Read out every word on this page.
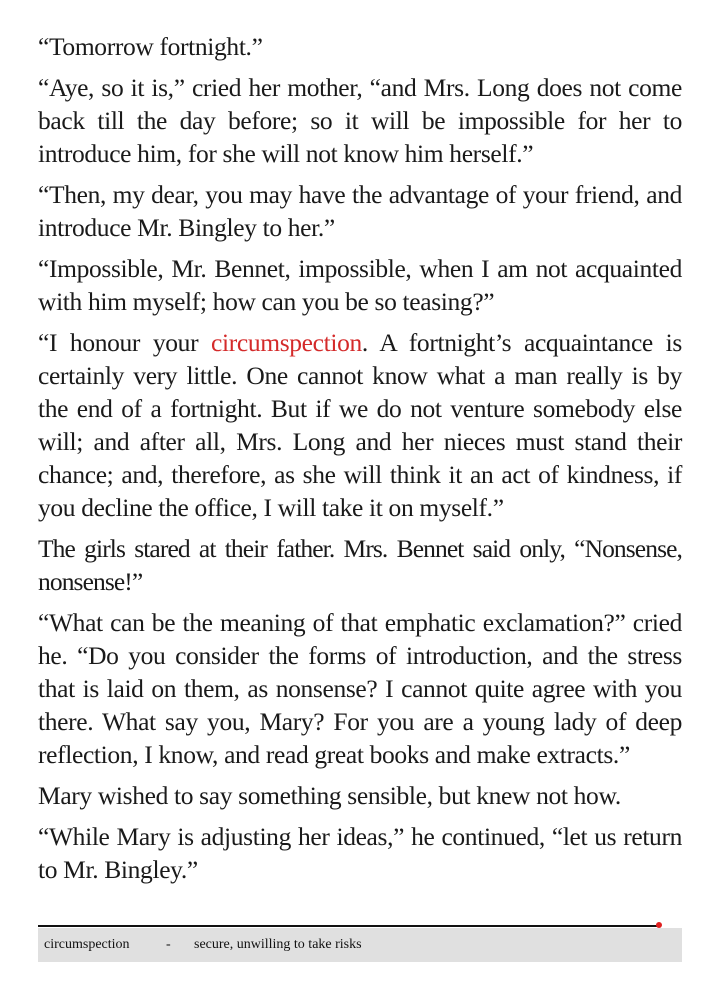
“Tomorrow fortnight.”

“Aye, so it is,” cried her mother, “and Mrs. Long does not come back till the day before; so it will be impossible for her to introduce him, for she will not know him herself.”

“Then, my dear, you may have the advantage of your friend, and introduce Mr. Bingley to her.”

“Impossible, Mr. Bennet, impossible, when I am not acquainted with him myself; how can you be so teasing?”

“I honour your circumspection. A fortnight’s acquaintance is certainly very little. One cannot know what a man really is by the end of a fortnight. But if we do not venture somebody else will; and after all, Mrs. Long and her nieces must stand their chance; and, therefore, as she will think it an act of kindness, if you decline the office, I will take it on myself.”

The girls stared at their father. Mrs. Bennet said only, “Nonsense, nonsense!”

“What can be the meaning of that emphatic exclamation?” cried he. “Do you consider the forms of introduction, and the stress that is laid on them, as nonsense? I cannot quite agree with you there. What say you, Mary? For you are a young lady of deep reflection, I know, and read great books and make extracts.”

Mary wished to say something sensible, but knew not how.

“While Mary is adjusting her ideas,” he continued, “let us return to Mr. Bingley.”

circumspection	-	secure, unwilling to take risks
